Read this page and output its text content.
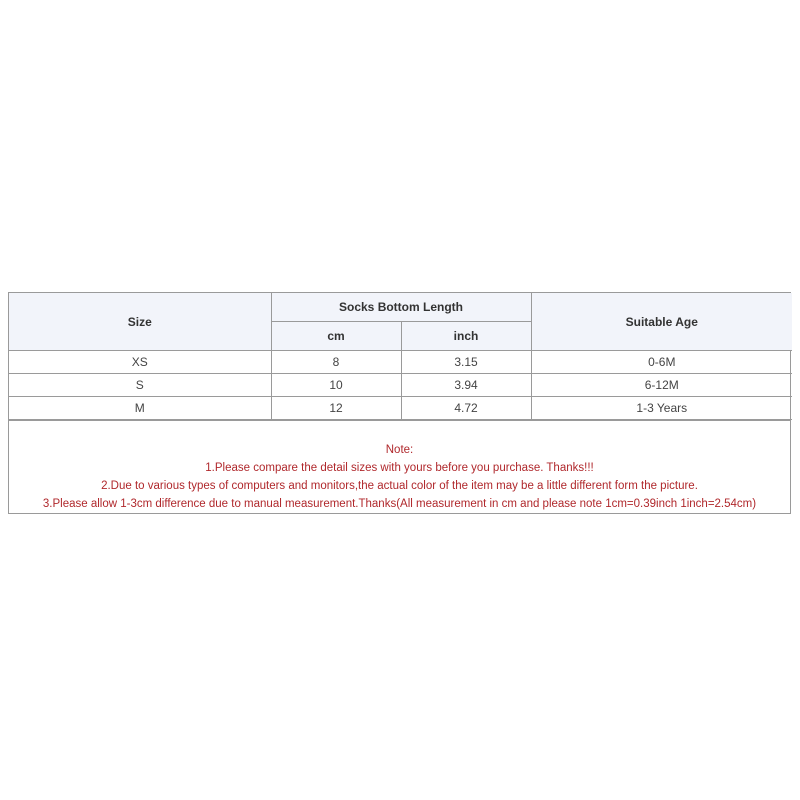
Size	Socks Bottom Length		Suitable Age
	cm	inch	
XS	8	3.15	0-6M
S	10	3.94	6-12M
M	12	4.72	1-3 Years
Note:
1.Please compare the detail sizes with yours before you purchase. Thanks!!!
2.Due to various types of computers and monitors,the actual color of the item may be a little different form the picture.
3.Please allow 1-3cm difference due to manual measurement.Thanks(All measurement in cm and please note 1cm=0.39inch 1inch=2.54cm)
